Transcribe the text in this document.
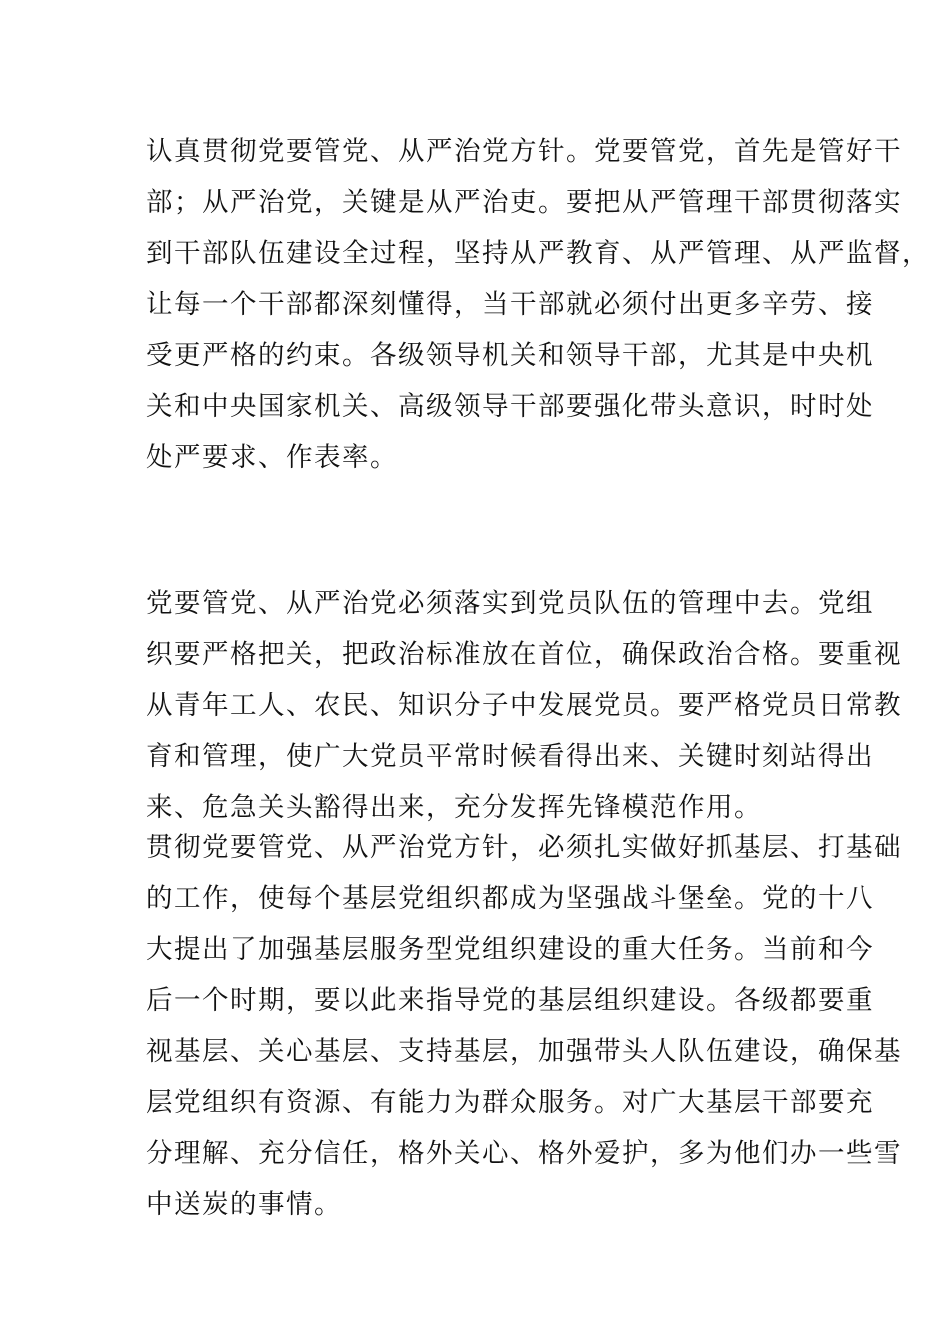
认真贯彻党要管党、从严治党方针。党要管党，首先是管好干
部；从严治党，关键是从严治吏。要把从严管理干部贯彻落实
到干部队伍建设全过程，坚持从严教育、从严管理、从严监督，
让每一个干部都深刻懂得，当干部就必须付出更多辛劳、接
受更严格的约束。各级领导机关和领导干部，尤其是中央机
关和中央国家机关、高级领导干部要强化带头意识，时时处
处严要求、作表率。
党要管党、从严治党必须落实到党员队伍的管理中去。党组
织要严格把关，把政治标准放在首位，确保政治合格。要重视
从青年工人、农民、知识分子中发展党员。要严格党员日常教
育和管理，使广大党员平常时候看得出来、关键时刻站得出
来、危急关头豁得出来，充分发挥先锋模范作用。
贯彻党要管党、从严治党方针，必须扎实做好抓基层、打基础
的工作，使每个基层党组织都成为坚强战斗堡垒。党的十八
大提出了加强基层服务型党组织建设的重大任务。当前和今
后一个时期，要以此来指导党的基层组织建设。各级都要重
视基层、关心基层、支持基层，加强带头人队伍建设，确保基
层党组织有资源、有能力为群众服务。对广大基层干部要充
分理解、充分信任，格外关心、格外爱护，多为他们办一些雪
中送炭的事情。
